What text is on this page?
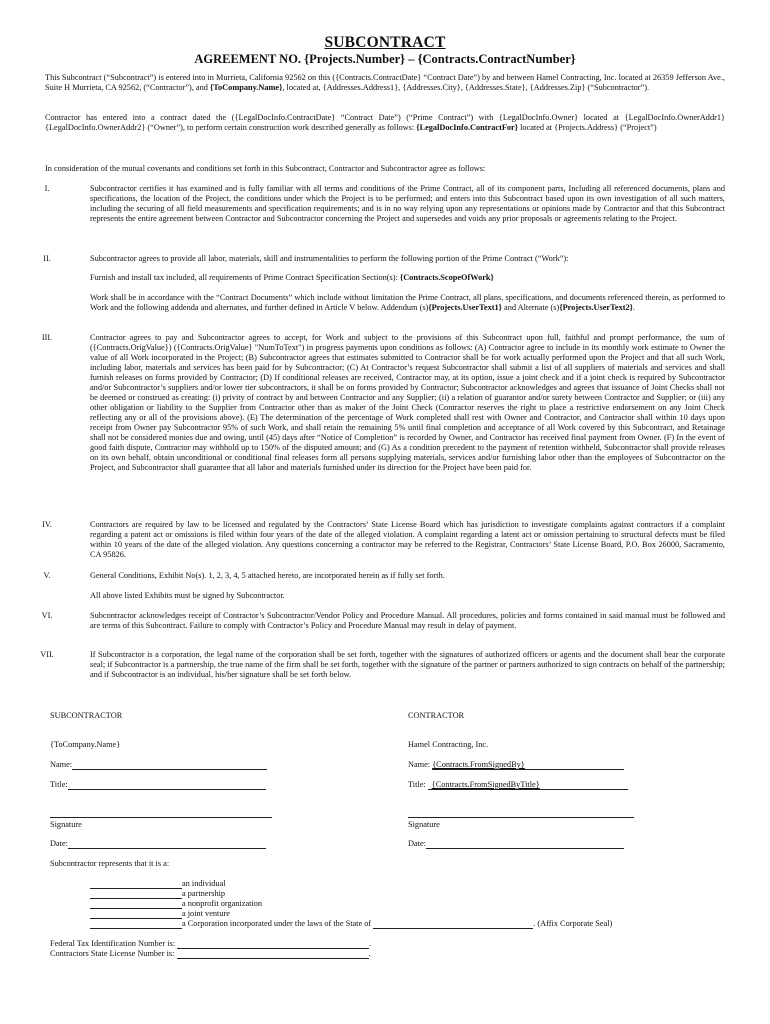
SUBCONTRACT
AGREEMENT NO. {Projects.Number} – {Contracts.ContractNumber}
This Subcontract (“Subcontract”) is entered into in Murrieta, California 92562 on this ({Contracts.ContractDate} “Contract Date”) by and between Hamel Contracting, Inc. located at 26359 Jefferson Ave., Suite H Murrieta, CA 92562, (“Contractor”), and {ToCompany.Name}, located at, {Addresses.Address1}, {Addresses.City}, {Addresses.State}, {Addresses.Zip} (“Subcontractor”).
Contractor has entered into a contract dated the ({LegalDocInfo.ContractDate} “Contract Date”) (“Prime Contract”) with {LegalDocInfo.Owner} located at {LegalDocInfo.OwnerAddr1}{LegalDocInfo.OwnerAddr2} (“Owner”), to perform certain construction work described generally as follows: {LegalDocInfo.ContractFor} located at {Projects.Address} (“Project”)
In consideration of the mutual covenants and conditions set forth in this Subcontract, Contractor and Subcontractor agree as follows:
I.	Subcontractor certifies it has examined and is fully familiar with all terms and conditions of the Prime Contract, all of its component parts, Including all referenced documents, plans and specifications, the location of the Project, the conditions under which the Project is to be performed; and enters into this Subcontract based upon its own investigation of all such matters, including the securing of all field measurements and specification requirements; and is in no way relying upon any representations or opinions made by Contractor and that this Subcontract represents the entire agreement between Contractor and Subcontractor concerning the Project and supersedes and voids any prior proposals or agreements relating to the Project.
II.	Subcontractor agrees to provide all labor, materials, skill and instrumentalities to perform the following portion of the Prime Contract (“Work”):
Furnish and install tax included, all requirements of Prime Contract Specification Section(s): {Contracts.ScopeOfWork}
Work shall be in accordance with the “Contract Documents” which include without limitation the Prime Contract, all plans, specifications, and documents referenced therein, as performed to Work and the following addenda and alternates, and further defined in Article V below. Addendum (s){Projects.UserText1} and Alternate (s){Projects.UserText2}.
III.	Contractor agrees to pay and Subcontractor agrees to accept, for Work and subject to the provisions of this Subcontract upon full, faithful and prompt performance, the sum of ({Contracts.OrigValue}) ({Contracts.OrigValue} "NumToText") in progress payments upon conditions as follows: (A) Contractor agree to include in its monthly work estimate to Owner the value of all Work incorporated in the Project; (B) Subcontractor agrees that estimates submitted to Contractor shall be for work actually performed upon the Project and that all such Work, including labor, materials and services has been paid for by Subcontractor; (C) At Contractor’s request Subcontractor shall submit a list of all suppliers of materials and services and shall furnish releases on forms provided by Contractor; (D) If conditional releases are received, Contractor may, at its option, issue a joint check and if a joint check is required by Subcontractor and/or Subcontractor’s suppliers and/or lower tier subcontractors, it shall be on forms provided by Contractor; Subcontractor acknowledges and agrees that issuance of Joint Checks shall not be deemed or construed as creating: (i) privity of contract by and between Contractor and any Supplier; (ii) a relation of guarantor and/or surety between Contractor and Supplier; or (iii) any other obligation or liability to the Supplier from Contractor other than as maker of the Joint Check (Contractor reserves the right to place a restrictive endorsement on any Joint Check reflecting any or all of the provisions above). (E) The determination of the percentage of Work completed shall rest with Owner and Contractor, and Contractor shall within 10 days upon receipt from Owner pay Subcontractor 95% of such Work, and shall retain the remaining 5% until final completion and acceptance of all Work covered by this Subcontract, and Retainage shall not be considered monies due and owing, until (45) days after “Notice of Completion” is recorded by Owner, and Contractor has received final payment from Owner. (F) In the event of good faith dispute, Contractor may withhold up to 150% of the disputed amount; and (G) As a condition precedent to the payment of retention withheld, Subcontractor shall provide releases on its own behalf, obtain unconditional or conditional final releases form all persons supplying materials, services and/or furnishing labor other than the employees of Subcontractor on the Project, and Subcontractor shall guarantee that all labor and materials furnished under its direction for the Project have been paid for.
IV.	Contractors are required by law to be licensed and regulated by the Contractors’ State License Board which has jurisdiction to investigate complaints against contractors if a complaint regarding a patent act or omissions is filed within four years of the date of the alleged violation. A complaint regarding a latent act or omission pertaining to structural defects must be filed within 10 years of the date of the alleged violation. Any questions concerning a contractor may be referred to the Registrar, Contractors’ State License Board, P.O. Box 26000, Sacramento, CA 95826.
V.	General Conditions, Exhibit No(s). 1, 2, 3, 4, 5 attached hereto, are incorporated herein as if fully set forth.
All above listed Exhibits must be signed by Subcontractor.
VI.	Subcontractor acknowledges receipt of Contractor’s Subcontractor/Vendor Policy and Procedure Manual. All procedures, policies and forms contained in said manual must be followed and are terms of this Subcontract. Failure to comply with Contractor’s Policy and Procedure Manual may result in delay of payment.
VII.	If Subcontractor is a corporation, the legal name of the corporation shall be set forth, together with the signatures of authorized officers or agents and the document shall bear the corporate seal; if Subcontractor is a partnership, the true name of the firm shall be set forth, together with the signature of the partner or partners authorized to sign contracts on behalf of the partnership; and if Subcontractor is an individual, his/her signature shall be set forth below.
SUBCONTRACTOR	CONTRACTOR
{ToCompany.Name}	Hamel Contracting, Inc.
Name:	Name: {Contracts.FromSignedBy}
Title:	Title: {Contracts.FromSignedByTitle}
Signature	Signature
Date:	Date:
Subcontractor represents that it is a:
an individual
a partnership
a nonprofit organization
a joint venture
a Corporation incorporated under the laws of the State of	. (Affix Corporate Seal)
Federal Tax Identification Number is:	.
Contractors State License Number is:	.
